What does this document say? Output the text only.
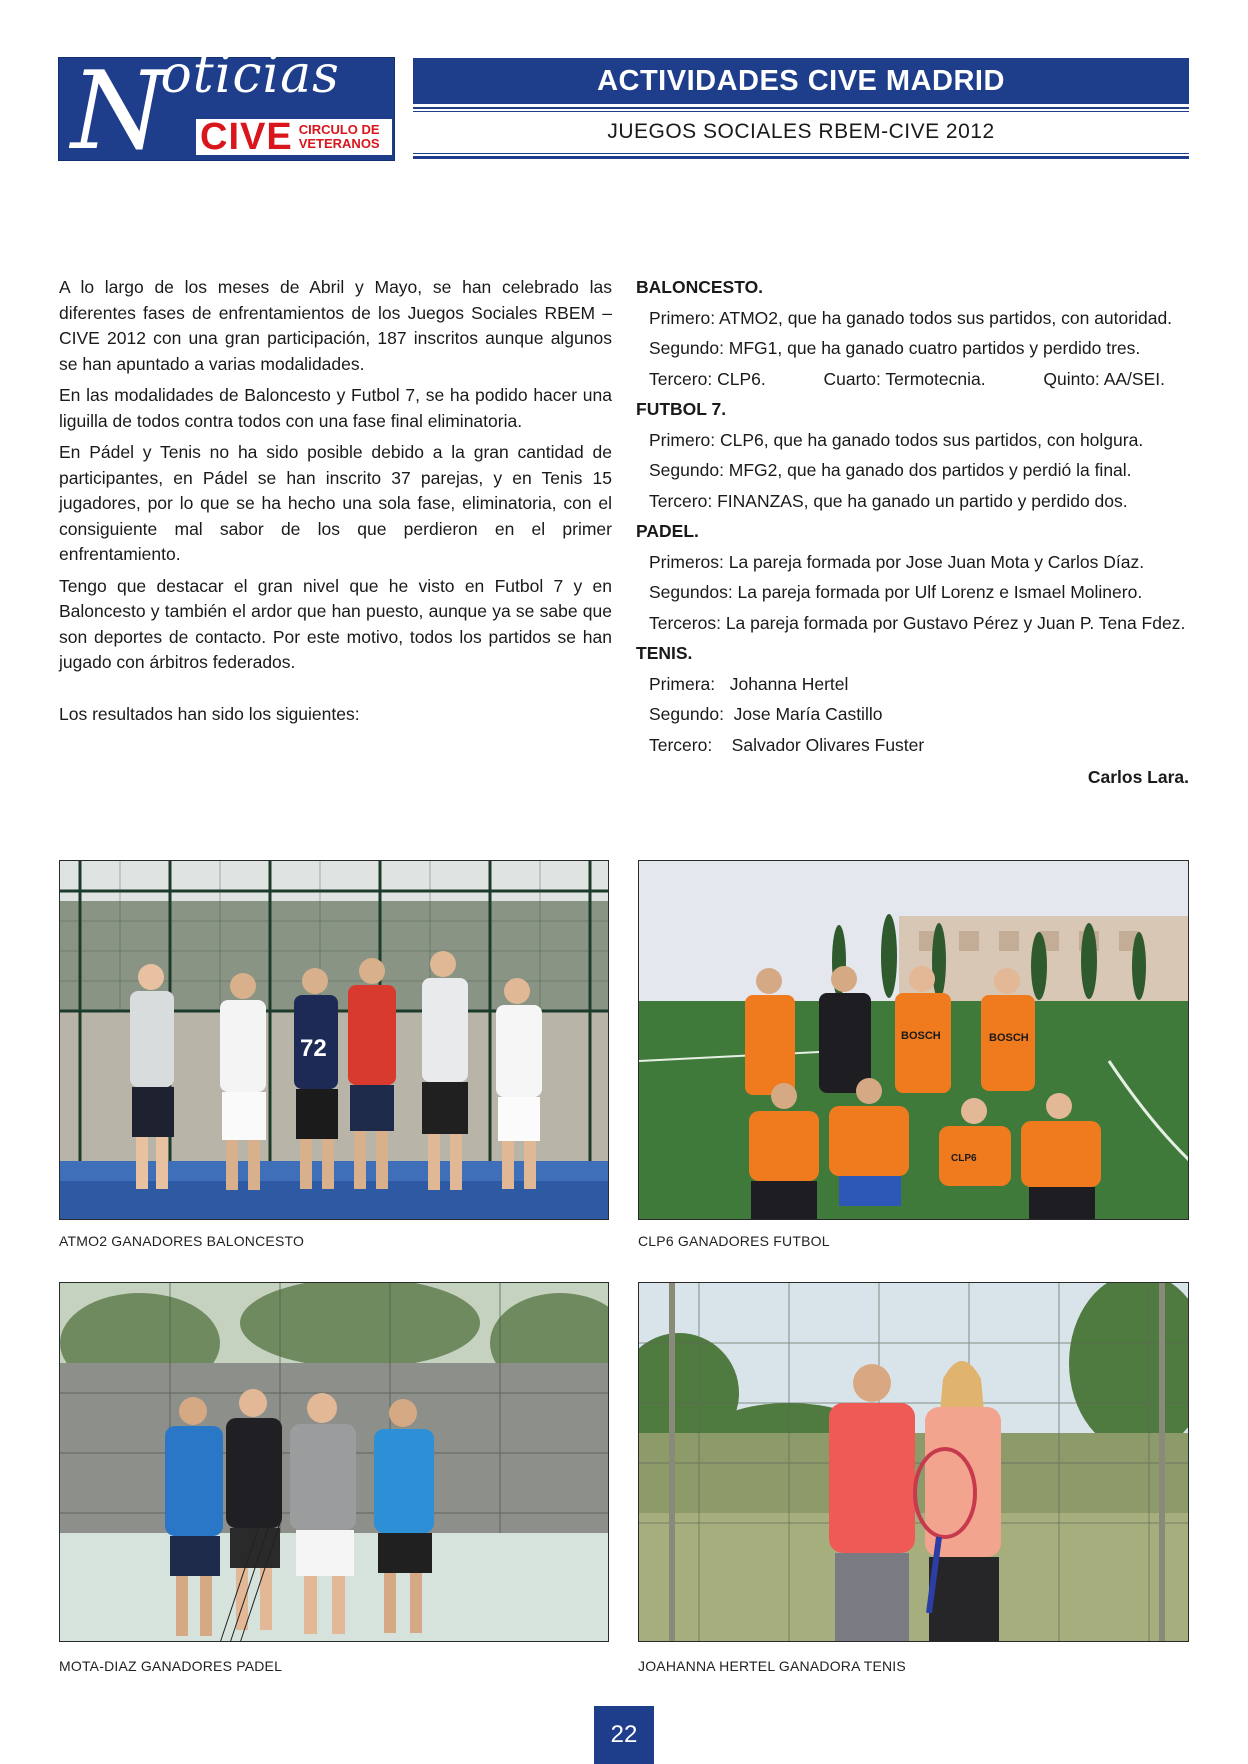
Noticias
CIVE CIRCULO DE
VETERANOS
ACTIVIDADES CIVE MADRID
JUEGOS SOCIALES RBEM-CIVE 2012

A lo largo de los meses de Abril y Mayo, se han celebrado las diferentes fases de enfrentamientos de los Juegos Sociales RBEM – CIVE 2012 con una gran participación, 187 inscritos aunque algunos se han apuntado a varias modalidades.

En las modalidades de Baloncesto y Futbol 7, se ha podido hacer una liguilla de todos contra todos con una fase final eliminatoria.

En Pádel y Tenis no ha sido posible debido a la gran cantidad de participantes, en Pádel se han inscrito 37 parejas, y en Tenis 15 jugadores, por lo que se ha hecho una sola fase, eliminatoria, con el consiguiente mal sabor de los que perdieron en el primer enfrentamiento.

Tengo que destacar el gran nivel que he visto en Futbol 7 y en Baloncesto y también el ardor que han puesto, aunque ya se sabe que son deportes de contacto. Por este motivo, todos los partidos se han jugado con árbitros federados.

Los resultados han sido los siguientes:

BALONCESTO.
Primero: ATMO2, que ha ganado todos sus partidos, con autoridad.
Segundo: MFG1, que ha ganado cuatro partidos y perdido tres.
Tercero: CLP6.	Cuarto: Termotecnia.	Quinto: AA/SEI.
FUTBOL 7.
Primero: CLP6, que ha ganado todos sus partidos, con holgura.
Segundo: MFG2, que ha ganado dos partidos y perdió la final.
Tercero: FINANZAS, que ha ganado un partido y perdido dos.
PADEL.
Primeros: La pareja formada por Jose Juan Mota y Carlos Díaz.
Segundos: La pareja formada por Ulf Lorenz e Ismael Molinero.
Terceros: La pareja formada por Gustavo Pérez y Juan P. Tena Fdez.
TENIS.
Primera:   Johanna Hertel
Segundo:  Jose María Castillo
Tercero:    Salvador Olivares Fuster
Carlos Lara.
72
ATMO2 GANADORES BALONCESTO
BOSCH	BOSCH
CLP6
CLP6 GANADORES FUTBOL
MOTA-DIAZ GANADORES PADEL	JOAHANNA HERTEL GANADORA TENIS
22
